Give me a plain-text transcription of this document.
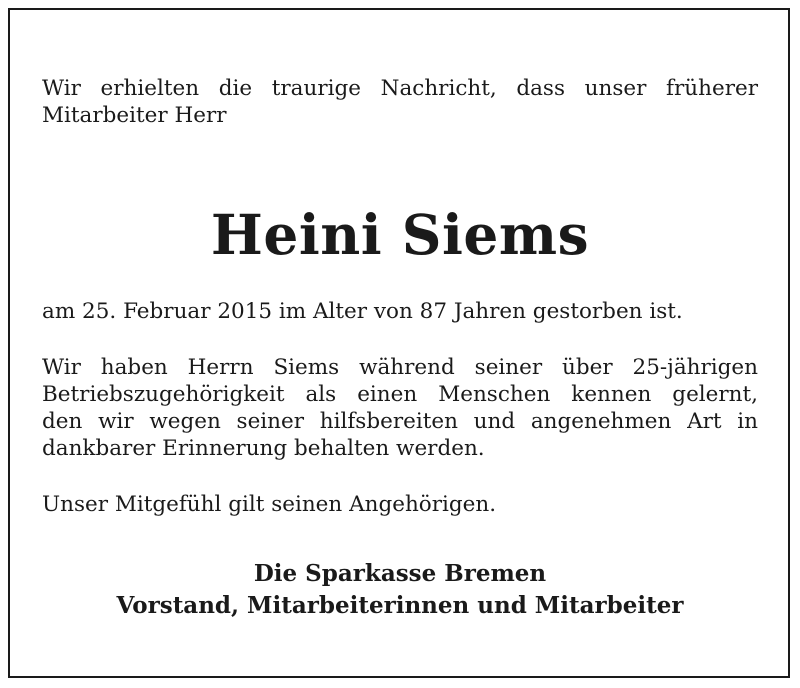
Wir erhielten die traurige Nachricht, dass unser früherer
Mitarbeiter Herr

Heini Siems

am 25. Februar 2015 im Alter von 87 Jahren gestorben ist.

Wir haben Herrn Siems während seiner über 25-jährigen
Betriebszugehörigkeit als einen Menschen kennen gelernt,
den wir wegen seiner hilfsbereiten und angenehmen Art in
dankbarer Erinnerung behalten werden.

Unser Mitgefühl gilt seinen Angehörigen.

Die Sparkasse Bremen
Vorstand, Mitarbeiterinnen und Mitarbeiter
